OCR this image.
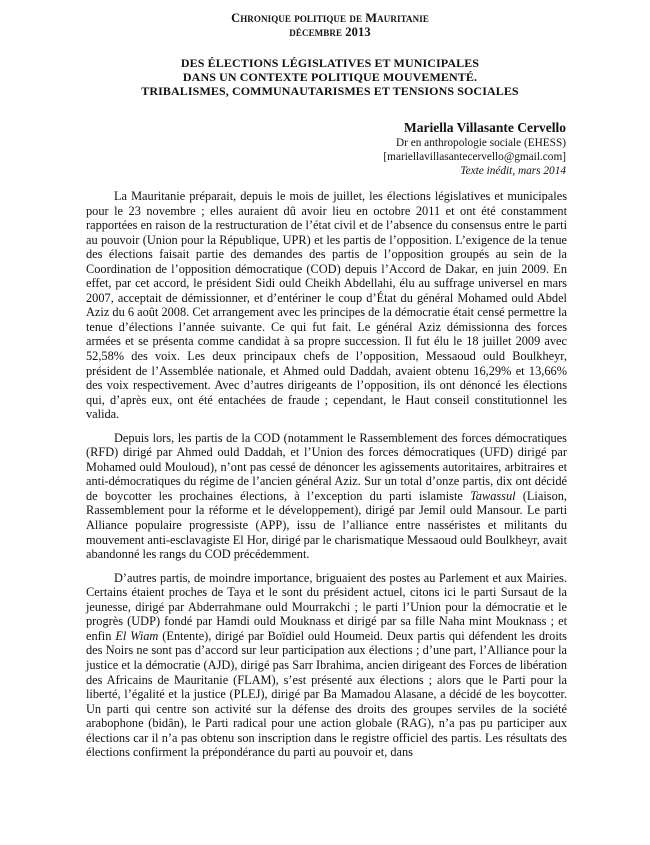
Chronique politique de Mauritanie
décembre 2013
DES ÉLECTIONS LÉGISLATIVES ET MUNICIPALES
DANS UN CONTEXTE POLITIQUE MOUVEMENTÉ.
TRIBALISMES, COMMUNAUTARISMES ET TENSIONS SOCIALES
Mariella Villasante Cervello
Dr en anthropologie sociale (EHESS)
[mariellavillasantecervello@gmail.com]
Texte inédit, mars 2014

La Mauritanie préparait, depuis le mois de juillet, les élections législatives et municipales pour le 23 novembre ; elles auraient dû avoir lieu en octobre 2011 et ont été constamment rapportées en raison de la restructuration de l’état civil et de l’absence du consensus entre le parti au pouvoir (Union pour la République, UPR) et les partis de l’opposition. L’exigence de la tenue des élections faisait partie des demandes des partis de l’opposition groupés au sein de la Coordination de l’opposition démocratique (COD) depuis l’Accord de Dakar, en juin 2009. En effet, par cet accord, le président Sidi ould Cheikh Abdellahi, élu au suffrage universel en mars 2007, acceptait de démissionner, et d’entériner le coup d’État du général Mohamed ould Abdel Aziz du 6 août 2008. Cet arrangement avec les principes de la démocratie était censé permettre la tenue d’élections l’année suivante. Ce qui fut fait. Le général Aziz démissionna des forces armées et se présenta comme candidat à sa propre succession. Il fut élu le 18 juillet 2009 avec 52,58% des voix. Les deux principaux chefs de l’opposition, Messaoud ould Boulkheyr, président de l’Assemblée nationale, et Ahmed ould Daddah, avaient obtenu 16,29% et 13,66% des voix respectivement. Avec d’autres dirigeants de l’opposition, ils ont dénoncé les élections qui, d’après eux, ont été entachées de fraude ; cependant, le Haut conseil constitutionnel les valida.

Depuis lors, les partis de la COD (notamment le Rassemblement des forces démocratiques (RFD) dirigé par Ahmed ould Daddah, et l’Union des forces démocratiques (UFD) dirigé par Mohamed ould Mouloud), n’ont pas cessé de dénoncer les agissements autoritaires, arbitraires et anti-démocratiques du régime de l’ancien général Aziz. Sur un total d’onze partis, dix ont décidé de boycotter les prochaines élections, à l’exception du parti islamiste Tawassul (Liaison, Rassemblement pour la réforme et le développement), dirigé par Jemil ould Mansour. Le parti Alliance populaire progressiste (APP), issu de l’alliance entre nasséristes et militants du mouvement anti-esclavagiste El Hor, dirigé par le charismatique Messaoud ould Boulkheyr, avait abandonné les rangs du COD précédemment.

D’autres partis, de moindre importance, briguaient des postes au Parlement et aux Mairies. Certains étaient proches de Taya et le sont du président actuel, citons ici le parti Sursaut de la jeunesse, dirigé par Abderrahmane ould Mourrakchi ; le parti l’Union pour la démocratie et le progrès (UDP) fondé par Hamdi ould Mouknass et dirigé par sa fille Naha mint Mouknass ; et enfin El Wiam (Entente), dirigé par Boïdiel ould Houmeid. Deux partis qui défendent les droits des Noirs ne sont pas d’accord sur leur participation aux élections ; d’une part, l’Alliance pour la justice et la démocratie (AJD), dirigé pas Sarr Ibrahima, ancien dirigeant des Forces de libération des Africains de Mauritanie (FLAM), s’est présenté aux élections ; alors que le Parti pour la liberté, l’égalité et la justice (PLEJ), dirigé par Ba Mamadou Alasane, a décidé de les boycotter. Un parti qui centre son activité sur la défense des droits des groupes serviles de la société arabophone (bidân), le Parti radical pour une action globale (RAG), n’a pas pu participer aux élections car il n’a pas obtenu son inscription dans le registre officiel des partis. Les résultats des élections confirment la prépondérance du parti au pouvoir et, dans
